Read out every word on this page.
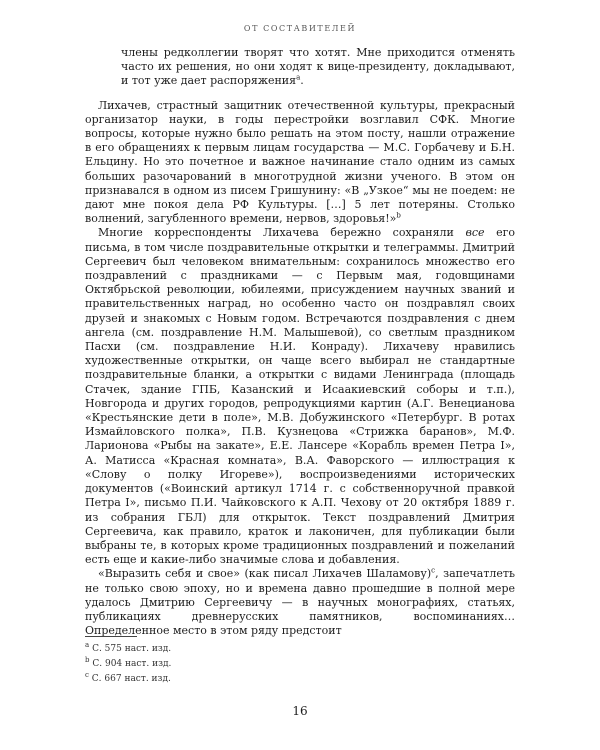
ОТ СОСТАВИТЕЛЕЙ

члены редколлегии творят что хотят. Мне приходится отменять часто их решения, но они ходят к вице-президенту, докладывают, и тот уже дает распоряжения$^a$.

Лихачев, страстный защитник отечественной культуры, прекрасный организатор науки, в годы перестройки возглавил СФК. Многие вопросы, которые нужно было решать на этом посту, нашли отражение в его обращениях к первым лицам государства — М.С. Горбачеву и Б.Н. Ельцину. Но это почетное и важное начинание стало одним из самых больших разочарований в многотрудной жизни ученого. В этом он признавался в одном из писем Гришунину: «В „Узкое“ мы не поедем: не дают мне покоя дела РФ Культуры. […] 5 лет потеряны. Столько волнений, загубленного времени, нервов, здоровья!»$^b$

Многие корреспонденты Лихачева бережно сохраняли все его письма, в том числе поздравительные открытки и телеграммы. Дмитрий Сергеевич был человеком внимательным: сохранилось множество его поздравлений с праздниками — с Первым мая, годовщинами Октябрьской революции, юбилеями, присуждением научных званий и правительственных наград, но особенно часто он поздравлял своих друзей и знакомых с Новым годом. Встречаются поздравления с днем ангела (см. поздравление Н.М. Малышевой), со светлым праздником Пасхи (см. поздравление Н.И. Конраду). Лихачеву нравились художественные открытки, он чаще всего выбирал не стандартные поздравительные бланки, а открытки с видами Ленинграда (площадь Стачек, здание ГПБ, Казанский и Исаакиевский соборы и т.п.), Новгорода и других городов, репродукциями картин (А.Г. Венецианова «Крестьянские дети в поле», М.В. Добужинского «Петербург. В ротах Измайловского полка», П.В. Кузнецова «Стрижка баранов», М.Ф. Ларионова «Рыбы на закате», Е.Е. Лансере «Корабль времен Петра I», А. Матисса «Красная комната», В.А. Фаворского — иллюстрация к «Слову о полку Игореве»), воспроизведениями исторических документов («Воинский артикул 1714 г. с собственноручной правкой Петра I», письмо П.И. Чайковского к А.П. Чехову от 20 октября 1889 г. из собрания ГБЛ) для открыток. Текст поздравлений Дмитрия Сергеевича, как правило, краток и лаконичен, для публикации были выбраны те, в которых кроме традиционных поздравлений и пожеланий есть еще и какие-либо значимые слова и добавления.

«Выразить себя и свое» (как писал Лихачев Шаламову)$^c$, запечатлеть не только свою эпоху, но и времена давно прошедшие в полной мере удалось Дмитрию Сергеевичу — в научных монографиях, статьях, публикациях древнерусских памятников, воспоминаниях… Определенное место в этом ряду предстоит

$^a$ С. 575 наст. изд.
$^b$ С. 904 наст. изд.
$^c$ С. 667 наст. изд.
16
